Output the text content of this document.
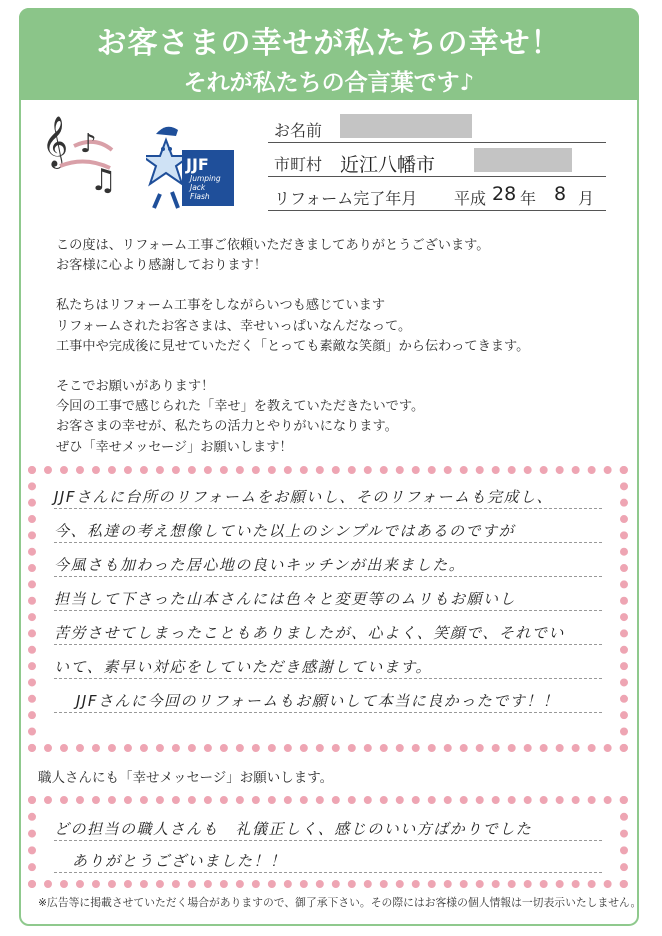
お客さまの幸せが私たちの幸せ！
それが私たちの合言葉です♪
𝄞 ♪
♫	JJF
Jumping
Jack
Flash
お名前
市町村 近江八幡市
リフォーム完了年月 平成 28 年 8 月

この度は、リフォーム工事ご依頼いただきましてありがとうございます。
お客様に心より感謝しております！

私たちはリフォーム工事をしながらいつも感じています
リフォームされたお客さまは、幸せいっぱいなんだなって。
工事中や完成後に見せていただく「とっても素敵な笑顔」から伝わってきます。

そこでお願いがあります！
今回の工事で感じられた「幸せ」を教えていただきたいです。
お客さまの幸せが、私たちの活力とやりがいになります。
ぜひ「幸せメッセージ」お願いします！

JJFさんに台所のリフォームをお願いし、そのリフォームも完成し、
今、私達の考え想像していた以上のシンプルではあるのですが
今風さも加わった居心地の良いキッチンが出来ました。
担当して下さった山本さんには色々と変更等のムリもお願いし
苦労させてしまったこともありましたが、心よく、笑顔で、それでい
いて、素早い対応をしていただき感謝しています。
JJFさんに今回のリフォームもお願いして本当に良かったです！！
職人さんにも「幸せメッセージ」お願いします。
どの担当の職人さんも　礼儀正しく、感じのいい方ばかりでした
ありがとうございました！！
※広告等に掲載させていただく場合がありますので、御了承下さい。その際にはお客様の個人情報は一切表示いたしません。
